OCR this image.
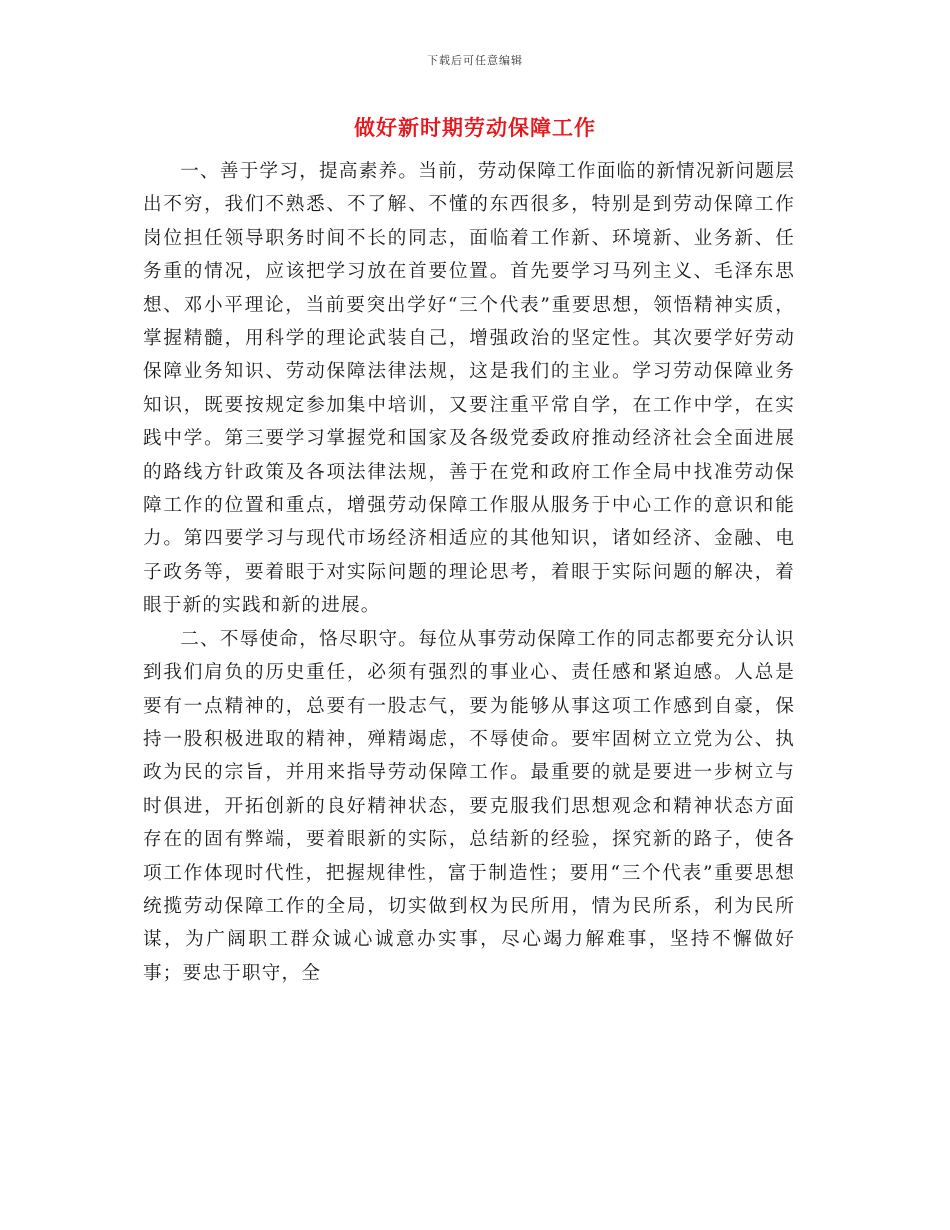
下载后可任意编辑
做好新时期劳动保障工作

一、善于学习，提高素养。当前，劳动保障工作面临的新情况新问题层出不穷，我们不熟悉、不了解、不懂的东西很多，特别是到劳动保障工作岗位担任领导职务时间不长的同志，面临着工作新、环境新、业务新、任务重的情况，应该把学习放在首要位置。首先要学习马列主义、毛泽东思想、邓小平理论，当前要突出学好“三个代表”重要思想，领悟精神实质，掌握精髓，用科学的理论武装自己，增强政治的坚定性。其次要学好劳动保障业务知识、劳动保障法律法规，这是我们的主业。学习劳动保障业务知识，既要按规定参加集中培训，又要注重平常自学，在工作中学，在实践中学。第三要学习掌握党和国家及各级党委政府推动经济社会全面进展的路线方针政策及各项法律法规，善于在党和政府工作全局中找准劳动保障工作的位置和重点，增强劳动保障工作服从服务于中心工作的意识和能力。第四要学习与现代市场经济相适应的其他知识，诸如经济、金融、电子政务等，要着眼于对实际问题的理论思考，着眼于实际问题的解决，着眼于新的实践和新的进展。

二、不辱使命，恪尽职守。每位从事劳动保障工作的同志都要充分认识到我们肩负的历史重任，必须有强烈的事业心、责任感和紧迫感。人总是要有一点精神的，总要有一股志气，要为能够从事这项工作感到自豪，保持一股积极进取的精神，殚精竭虑，不辱使命。要牢固树立立党为公、执政为民的宗旨，并用来指导劳动保障工作。最重要的就是要进一步树立与时俱进，开拓创新的良好精神状态，要克服我们思想观念和精神状态方面存在的固有弊端，要着眼新的实际，总结新的经验，探究新的路子，使各项工作体现时代性，把握规律性，富于制造性；要用“三个代表”重要思想统揽劳动保障工作的全局，切实做到权为民所用，情为民所系，利为民所谋，为广阔职工群众诚心诚意办实事，尽心竭力解难事，坚持不懈做好事；要忠于职守，全
